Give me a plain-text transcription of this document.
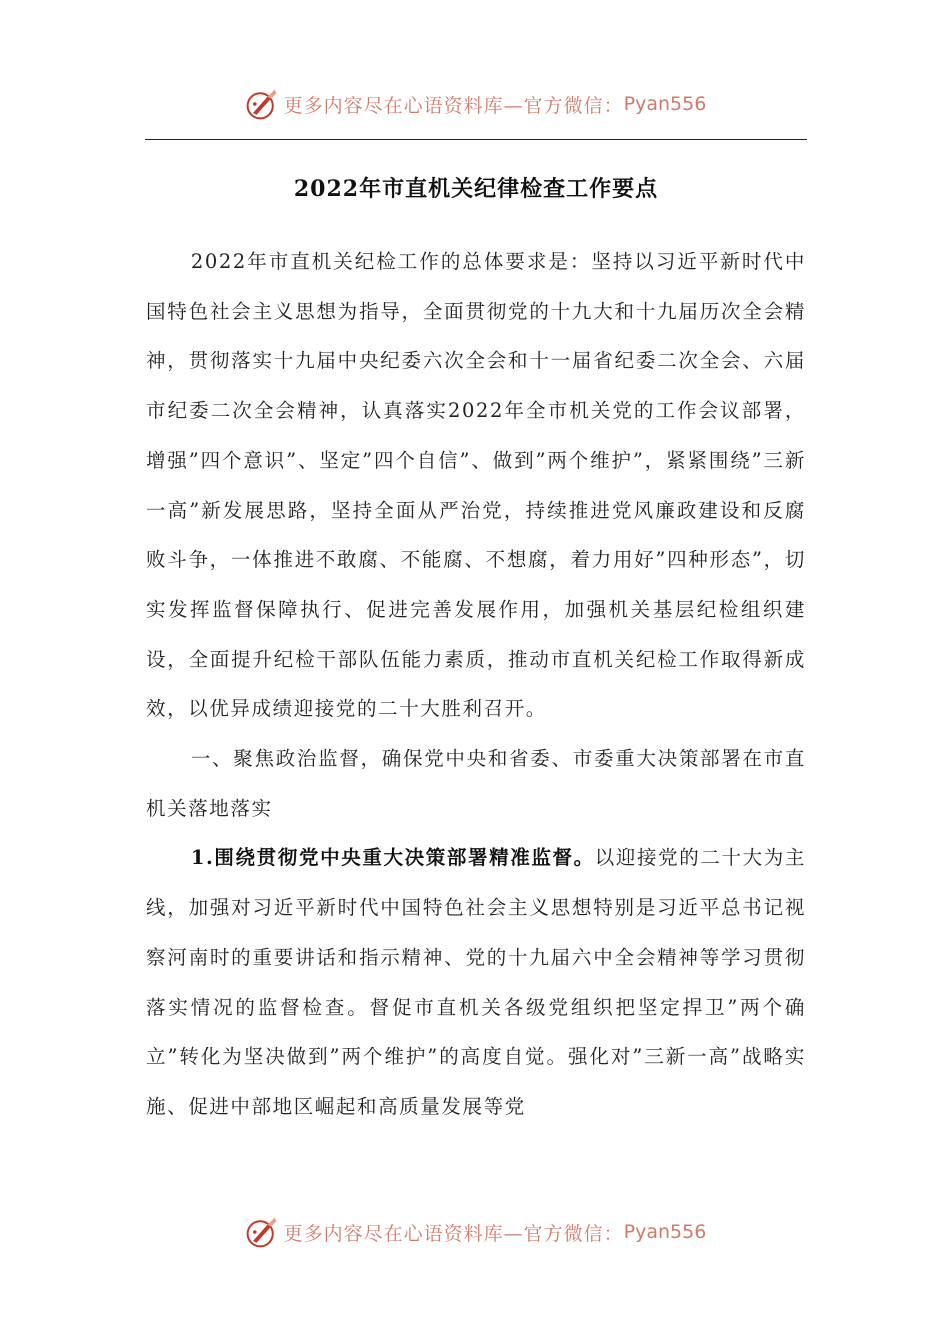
更多内容尽在心语资料库—官方微信： Pyan556
2022年市直机关纪律检查工作要点

2022年市直机关纪检工作的总体要求是：坚持以习近平新时代中国特色社会主义思想为指导，全面贯彻党的十九大和十九届历次全会精神，贯彻落实十九届中央纪委六次全会和十一届省纪委二次全会、六届市纪委二次全会精神，认真落实2022年全市机关党的工作会议部署，增强”四个意识”、坚定”四个自信”、做到”两个维护”，紧紧围绕”三新一高”新发展思路，坚持全面从严治党，持续推进党风廉政建设和反腐败斗争，一体推进不敢腐、不能腐、不想腐，着力用好”四种形态”，切实发挥监督保障执行、促进完善发展作用，加强机关基层纪检组织建设，全面提升纪检干部队伍能力素质，推动市直机关纪检工作取得新成效，以优异成绩迎接党的二十大胜利召开。

一、聚焦政治监督，确保党中央和省委、市委重大决策部署在市直机关落地落实

1.围绕贯彻党中央重大决策部署精准监督。以迎接党的二十大为主线，加强对习近平新时代中国特色社会主义思想特别是习近平总书记视察河南时的重要讲话和指示精神、党的十九届六中全会精神等学习贯彻落实情况的监督检查。督促市直机关各级党组织把坚定捍卫”两个确立”转化为坚决做到”两个维护”的高度自觉。强化对”三新一高”战略实施、促进中部地区崛起和高质量发展等党

更多内容尽在心语资料库—官方微信： Pyan556
